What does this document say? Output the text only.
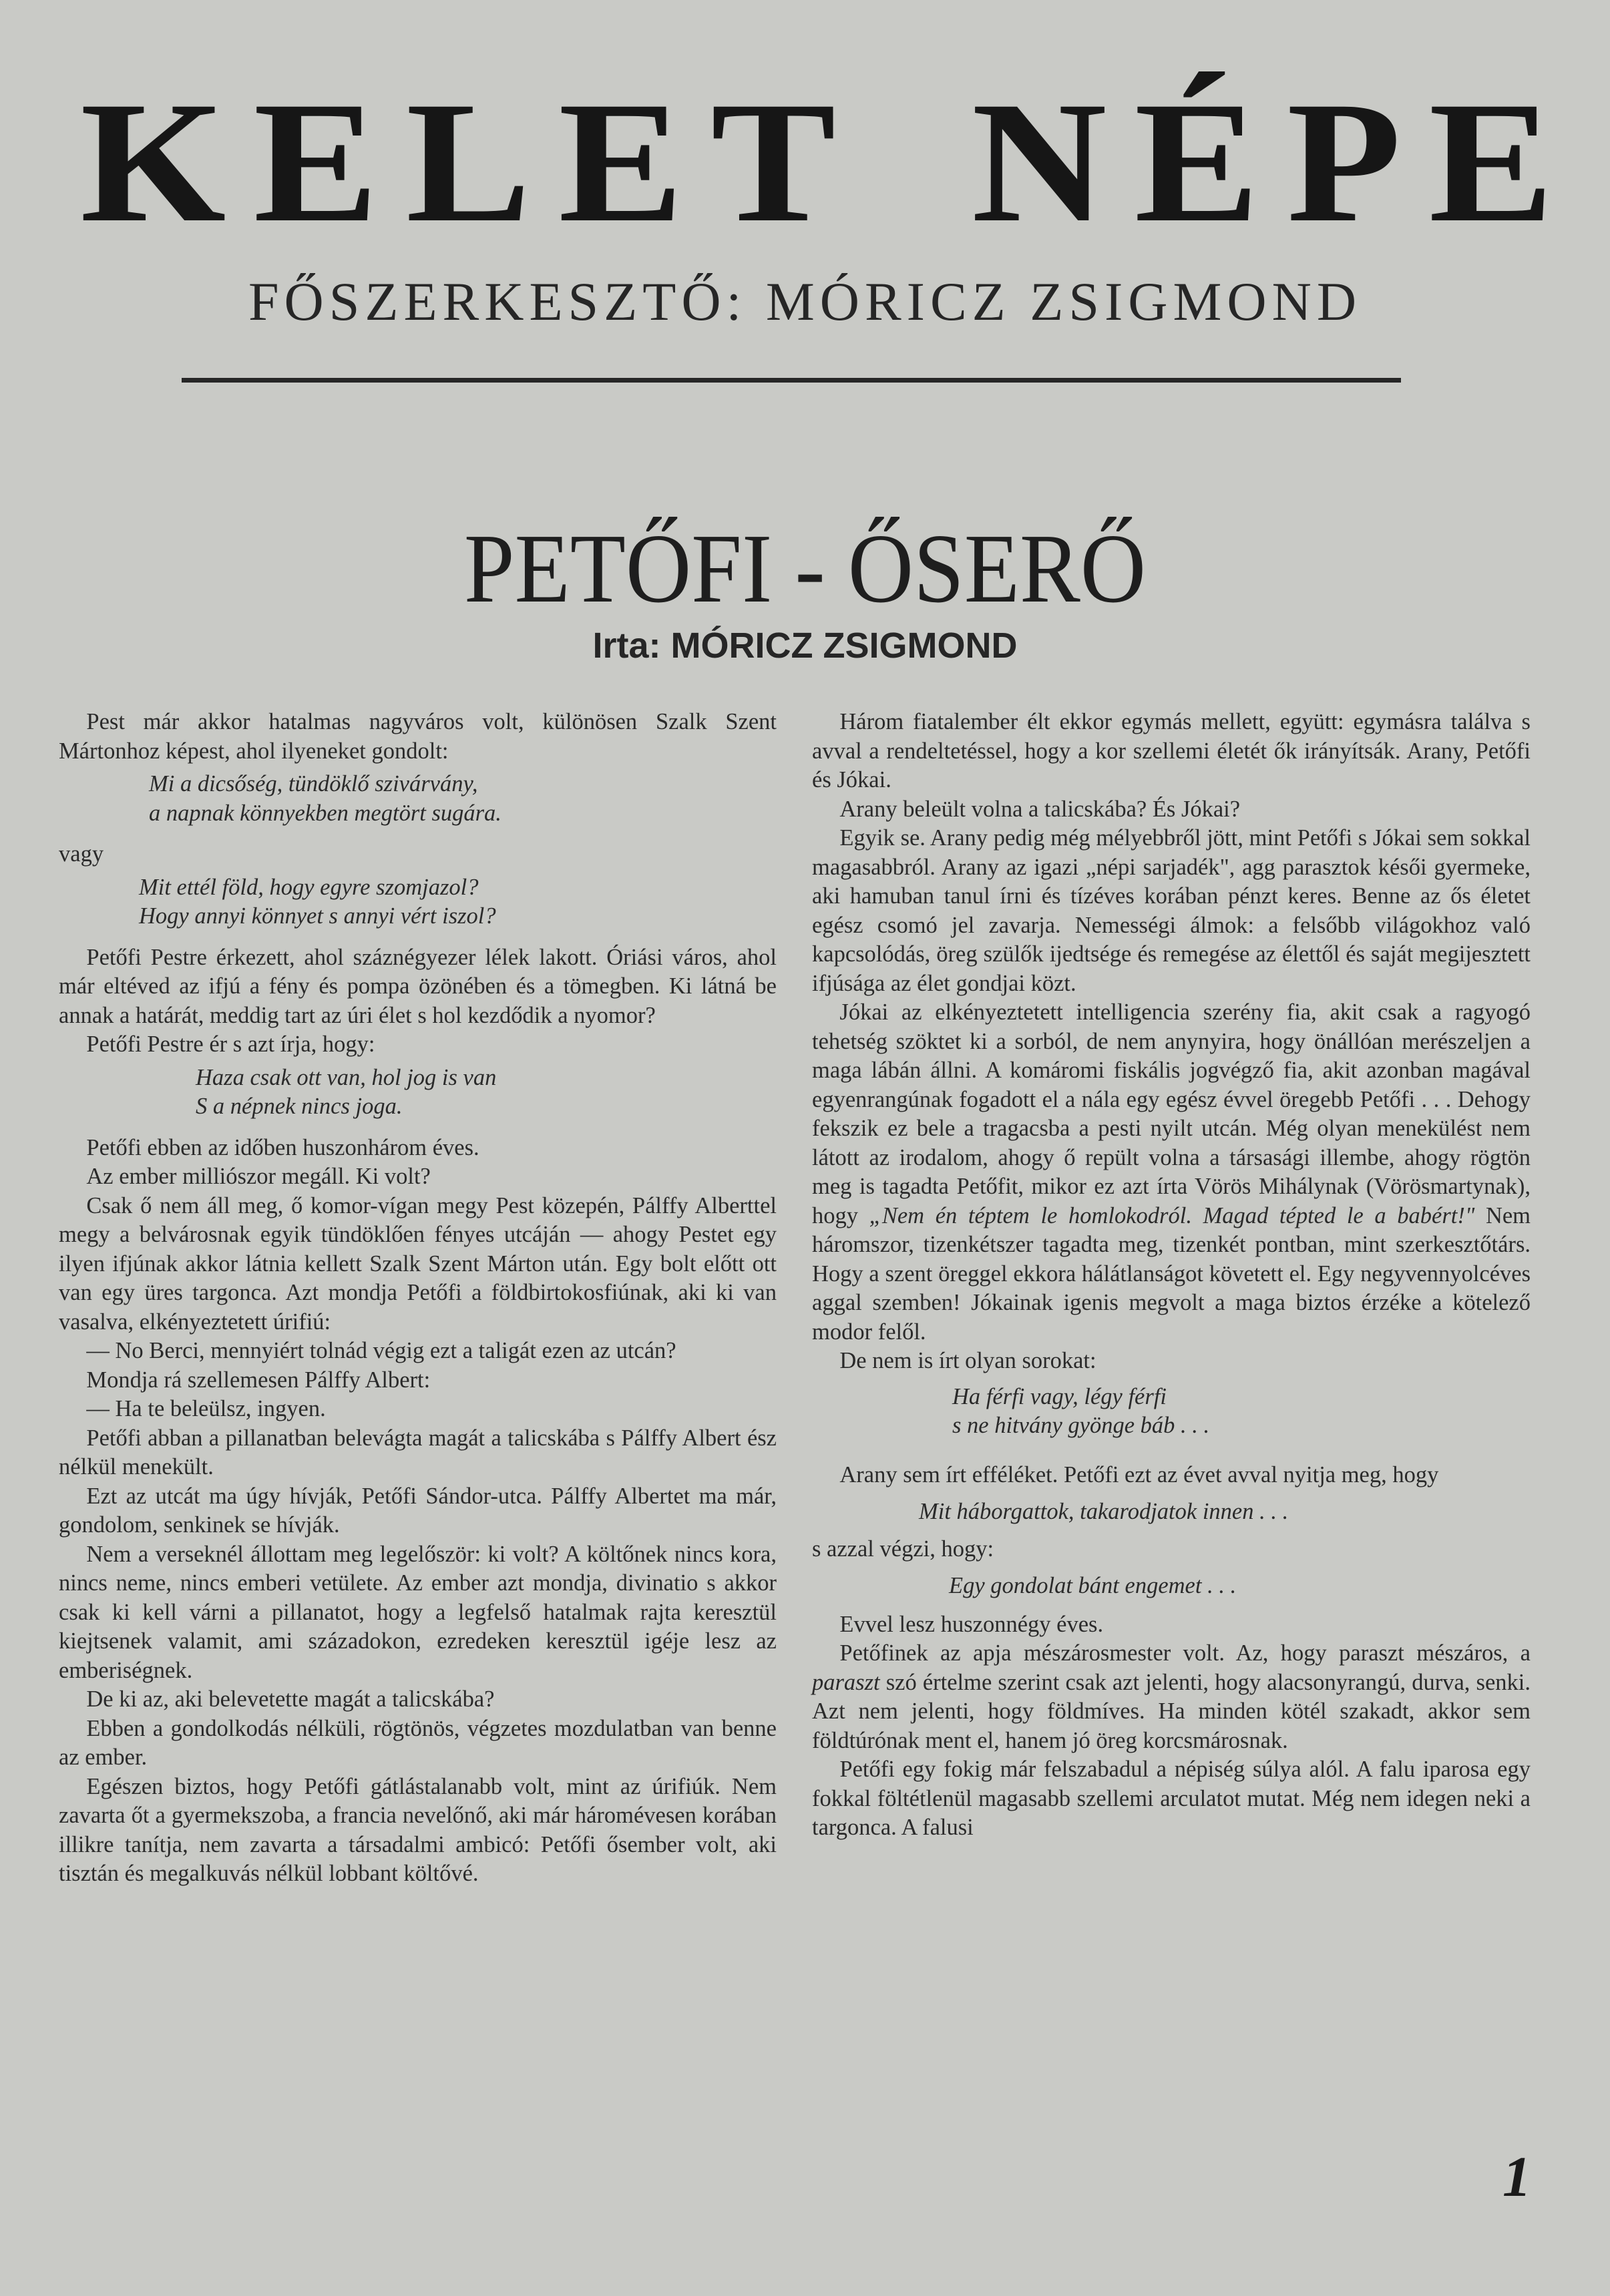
KELET NÉPE
FŐSZERKESZTŐ: MÓRICZ ZSIGMOND
PETŐFI - ŐSERŐ
Irta: MÓRICZ ZSIGMOND

Pest már akkor hatalmas nagyváros volt, különösen Szalk Szent Mártonhoz képest, ahol ilyeneket gondolt:

Mi a dicsőség, tündöklő szivárvány,
a napnak könnyekben megtört sugára.

vagy

Mit ettél föld, hogy egyre szomjazol?
Hogy annyi könnyet s annyi vért iszol?

Petőfi Pestre érkezett, ahol száznégyezer lélek lakott. Óriási város, ahol már eltéved az ifjú a fény és pompa özönében és a tömegben. Ki látná be annak a határát, meddig tart az úri élet s hol kezdődik a nyomor?

Petőfi Pestre ér s azt írja, hogy:

Haza csak ott van, hol jog is van
S a népnek nincs joga.

Petőfi ebben az időben huszonhárom éves.

Az ember milliószor megáll. Ki volt?

Csak ő nem áll meg, ő komor-vígan megy Pest közepén, Pálffy Alberttel megy a belvárosnak egyik tündöklően fényes utcáján — ahogy Pestet egy ilyen ifjúnak akkor látnia kellett Szalk Szent Márton után. Egy bolt előtt ott van egy üres targonca. Azt mondja Petőfi a földbirtokosfiúnak, aki ki van vasalva, elkényeztetett úrifiú:

— No Berci, mennyiért tolnád végig ezt a taligát ezen az utcán?

Mondja rá szellemesen Pálffy Albert:

— Ha te beleülsz, ingyen.

Petőfi abban a pillanatban belevágta magát a talicskába s Pálffy Albert ész nélkül menekült.

Ezt az utcát ma úgy hívják, Petőfi Sándor-utca. Pálffy Albertet ma már, gondolom, senkinek se hívják.

Nem a verseknél állottam meg legelőször: ki volt? A költőnek nincs kora, nincs neme, nincs emberi vetülete. Az ember azt mondja, divinatio s akkor csak ki kell várni a pillanatot, hogy a legfelső hatalmak rajta keresztül kiejtsenek valamit, ami századokon, ezredeken keresztül igéje lesz az emberiségnek.

De ki az, aki belevetette magát a talicskába?

Ebben a gondolkodás nélküli, rögtönös, végzetes mozdulatban van benne az ember.

Egészen biztos, hogy Petőfi gátlástalanabb volt, mint az úrifiúk. Nem zavarta őt a gyermekszoba, a francia nevelőnő, aki már háromévesen korában illikre tanítja, nem zavarta a társadalmi ambicó: Petőfi ősember volt, aki tisztán és megalkuvás nélkül lobbant költővé.

Három fiatalember élt ekkor egymás mellett, együtt: egymásra találva s avval a rendeltetéssel, hogy a kor szellemi életét ők irányítsák. Arany, Petőfi és Jókai.

Arany beleült volna a talicskába? És Jókai?

Egyik se. Arany pedig még mélyebbről jött, mint Petőfi s Jókai sem sokkal magasabbról. Arany az igazi „népi sarjadék", agg parasztok késői gyermeke, aki hamuban tanul írni és tízéves korában pénzt keres. Benne az ős életet egész csomó jel zavarja. Nemességi álmok: a felsőbb világokhoz való kapcsolódás, öreg szülők ijedtsége és remegése az élettől és saját megijesztett ifjúsága az élet gondjai közt.

Jókai az elkényeztetett intelligencia szerény fia, akit csak a ragyogó tehetség szöktet ki a sorból, de nem anynyira, hogy önállóan merészeljen a maga lábán állni. A komáromi fiskális jogvégző fia, akit azonban magával egyenrangúnak fogadott el a nála egy egész évvel öregebb Petőfi . . . Dehogy fekszik ez bele a tragacsba a pesti nyilt utcán. Még olyan menekülést nem látott az irodalom, ahogy ő repült volna a társasági illembe, ahogy rögtön meg is tagadta Petőfit, mikor ez azt írta Vörös Mihálynak (Vörösmartynak), hogy „Nem én téptem le homlokodról. Magad tépted le a babért!" Nem háromszor, tizenkétszer tagadta meg, tizenkét pontban, mint szerkesztőtárs. Hogy a szent öreggel ekkora hálátlanságot követett el. Egy negyvennyolcéves aggal szemben! Jókainak igenis megvolt a maga biztos érzéke a kötelező modor felől.

De nem is írt olyan sorokat:

Ha férfi vagy, légy férfi
s ne hitvány gyönge báb . . .

Arany sem írt efféléket. Petőfi ezt az évet avval nyitja meg, hogy

Mit háborgattok, takarodjatok innen . . .

s azzal végzi, hogy:

Egy gondolat bánt engemet . . .

Evvel lesz huszonnégy éves.

Petőfinek az apja mészárosmester volt. Az, hogy paraszt mészáros, a paraszt szó értelme szerint csak azt jelenti, hogy alacsonyrangú, durva, senki. Azt nem jelenti, hogy földmíves. Ha minden kötél szakadt, akkor sem földtúrónak ment el, hanem jó öreg korcsmárosnak.

Petőfi egy fokig már felszabadul a népiség súlya alól. A falu iparosa egy fokkal föltétlenül magasabb szellemi arculatot mutat. Még nem idegen neki a targonca. A falusi

1
